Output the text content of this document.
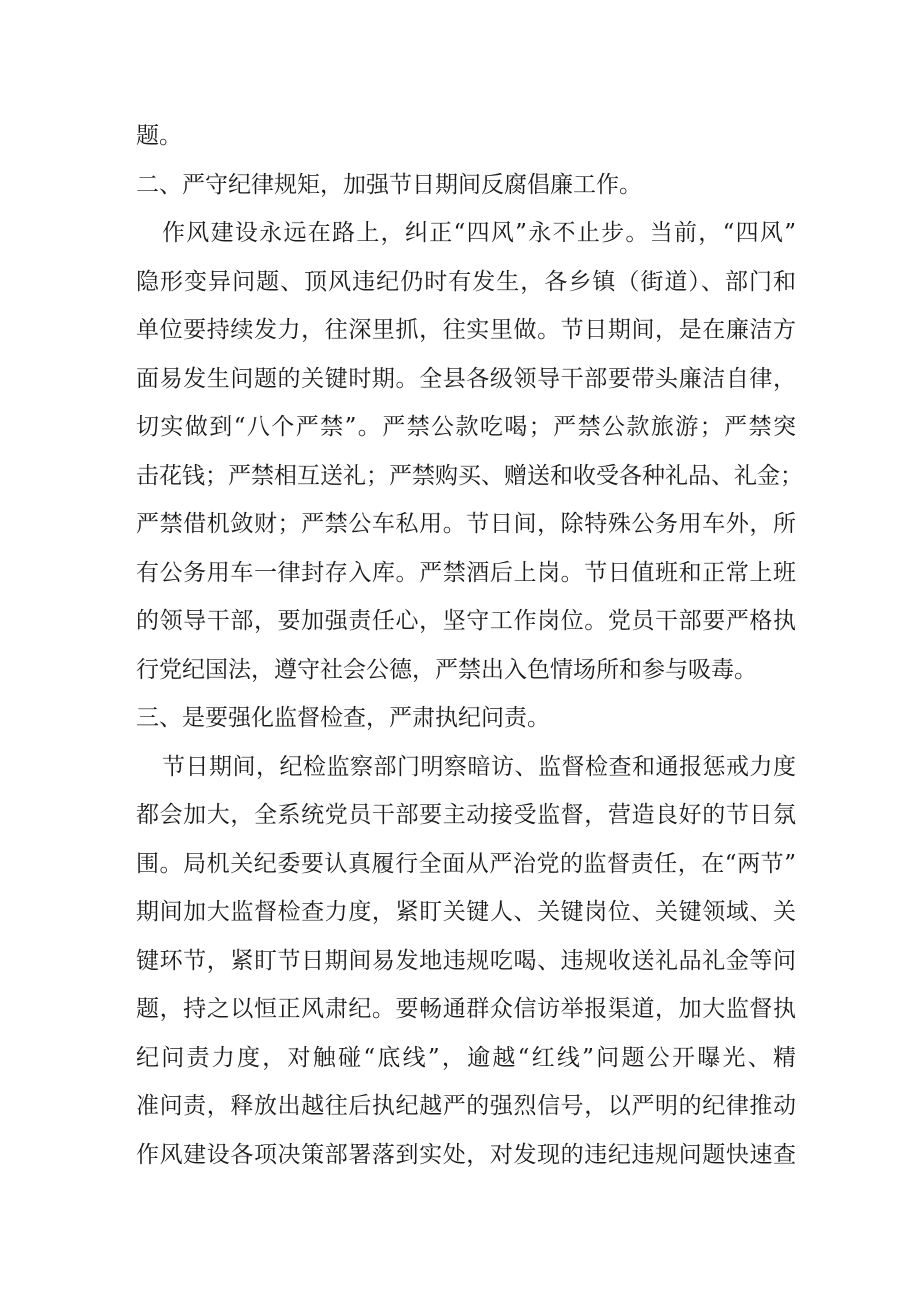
题。
二、严守纪律规矩，加强节日期间反腐倡廉工作。
作风建设永远在路上，纠正“四风”永不止步。当前，“四风”
隐形变异问题、顶风违纪仍时有发生，各乡镇（街道）、部门和
单位要持续发力，往深里抓，往实里做。节日期间，是在廉洁方
面易发生问题的关键时期。全县各级领导干部要带头廉洁自律，
切实做到“八个严禁”。严禁公款吃喝；严禁公款旅游；严禁突
击花钱；严禁相互送礼；严禁购买、赠送和收受各种礼品、礼金；
严禁借机敛财；严禁公车私用。节日间，除特殊公务用车外，所
有公务用车一律封存入库。严禁酒后上岗。节日值班和正常上班
的领导干部，要加强责任心，坚守工作岗位。党员干部要严格执
行党纪国法，遵守社会公德，严禁出入色情场所和参与吸毒。
三、是要强化监督检查，严肃执纪问责。
节日期间，纪检监察部门明察暗访、监督检查和通报惩戒力度
都会加大，全系统党员干部要主动接受监督，营造良好的节日氛
围。局机关纪委要认真履行全面从严治党的监督责任，在“两节”
期间加大监督检查力度，紧盯关键人、关键岗位、关键领域、关
键环节，紧盯节日期间易发地违规吃喝、违规收送礼品礼金等问
题，持之以恒正风肃纪。要畅通群众信访举报渠道，加大监督执
纪问责力度，对触碰“底线”，逾越“红线”问题公开曝光、精
准问责，释放出越往后执纪越严的强烈信号，以严明的纪律推动
作风建设各项决策部署落到实处，对发现的违纪违规问题快速查
